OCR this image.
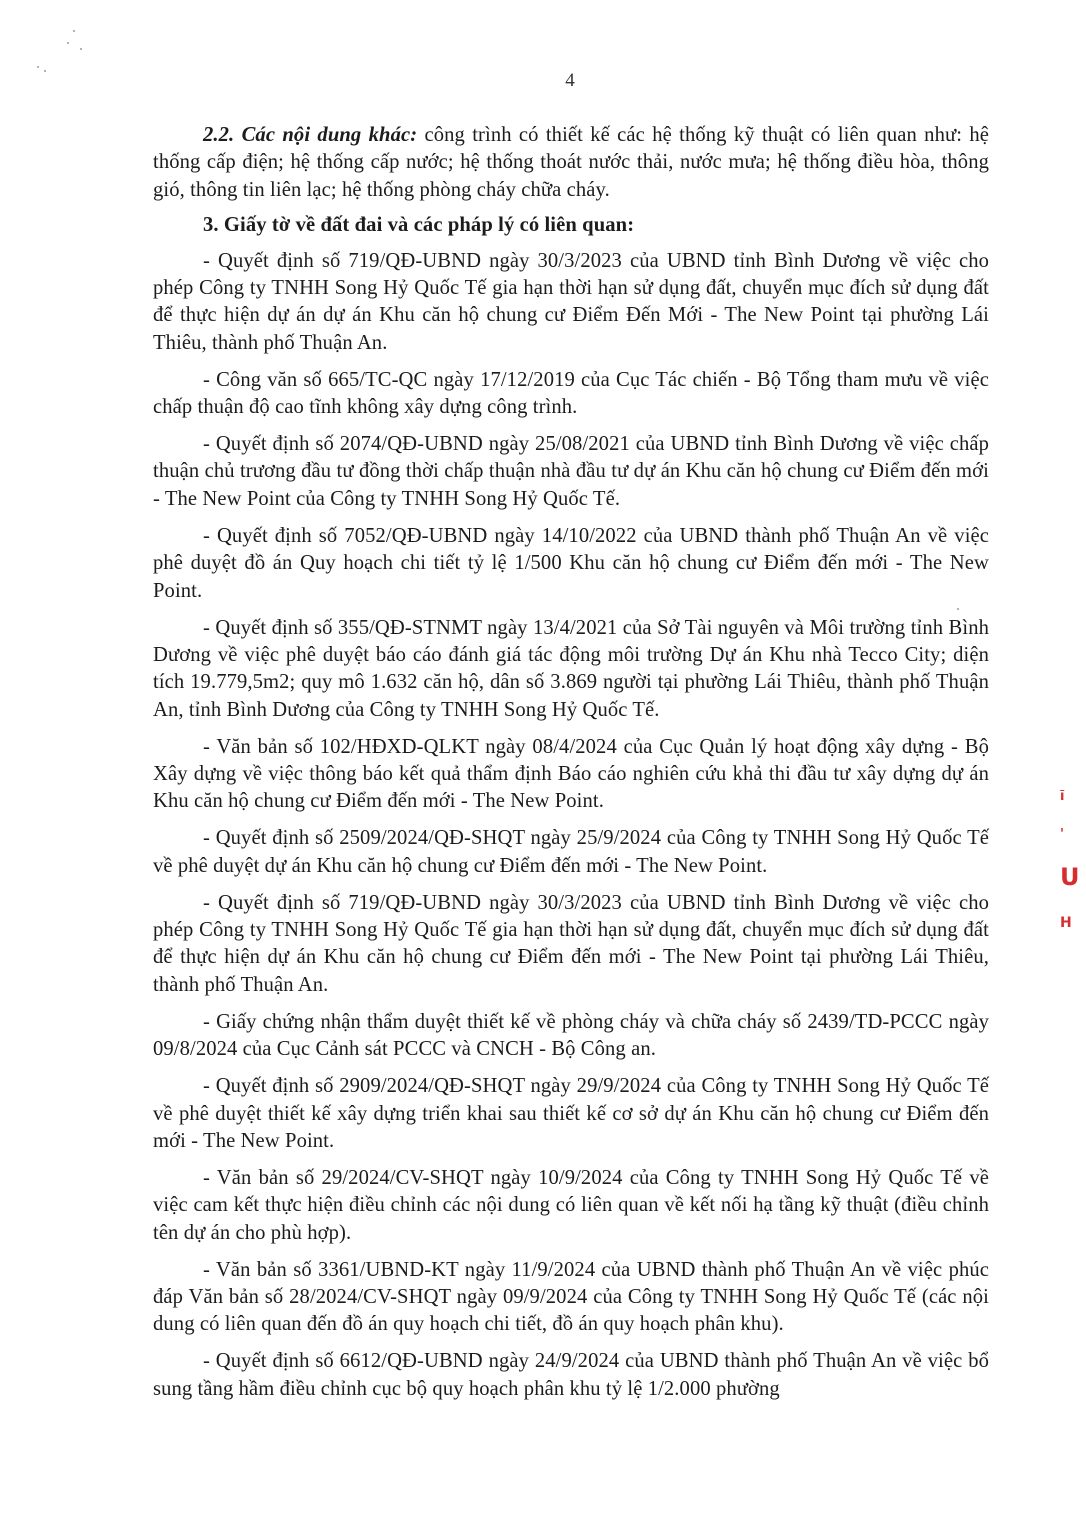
4

2.2. Các nội dung khác: công trình có thiết kế các hệ thống kỹ thuật có liên quan như: hệ thống cấp điện; hệ thống cấp nước; hệ thống thoát nước thải, nước mưa; hệ thống điều hòa, thông gió, thông tin liên lạc; hệ thống phòng cháy chữa cháy.

3. Giấy tờ về đất đai và các pháp lý có liên quan:

- Quyết định số 719/QĐ-UBND ngày 30/3/2023 của UBND tỉnh Bình Dương về việc cho phép Công ty TNHH Song Hỷ Quốc Tế gia hạn thời hạn sử dụng đất, chuyển mục đích sử dụng đất để thực hiện dự án dự án Khu căn hộ chung cư Điểm Đến Mới - The New Point tại phường Lái Thiêu, thành phố Thuận An.

- Công văn số 665/TC-QC ngày 17/12/2019 của Cục Tác chiến - Bộ Tổng tham mưu về việc chấp thuận độ cao tĩnh không xây dựng công trình.

- Quyết định số 2074/QĐ-UBND ngày 25/08/2021 của UBND tỉnh Bình Dương về việc chấp thuận chủ trương đầu tư đồng thời chấp thuận nhà đầu tư dự án Khu căn hộ chung cư Điểm đến mới - The New Point của Công ty TNHH Song Hỷ Quốc Tế.

- Quyết định số 7052/QĐ-UBND ngày 14/10/2022 của UBND thành phố Thuận An về việc phê duyệt đồ án Quy hoạch chi tiết tỷ lệ 1/500 Khu căn hộ chung cư Điểm đến mới - The New Point.

- Quyết định số 355/QĐ-STNMT ngày 13/4/2021 của Sở Tài nguyên và Môi trường tỉnh Bình Dương về việc phê duyệt báo cáo đánh giá tác động môi trường Dự án Khu nhà Tecco City; diện tích 19.779,5m2; quy mô 1.632 căn hộ, dân số 3.869 người tại phường Lái Thiêu, thành phố Thuận An, tỉnh Bình Dương của Công ty TNHH Song Hỷ Quốc Tế.

- Văn bản số 102/HĐXD-QLKT ngày 08/4/2024 của Cục Quản lý hoạt động xây dựng - Bộ Xây dựng về việc thông báo kết quả thẩm định Báo cáo nghiên cứu khả thi đầu tư xây dựng dự án Khu căn hộ chung cư Điểm đến mới - The New Point.

- Quyết định số 2509/2024/QĐ-SHQT ngày 25/9/2024 của Công ty TNHH Song Hỷ Quốc Tế về phê duyệt dự án Khu căn hộ chung cư Điểm đến mới - The New Point.

- Quyết định số 719/QĐ-UBND ngày 30/3/2023 của UBND tỉnh Bình Dương về việc cho phép Công ty TNHH Song Hỷ Quốc Tế gia hạn thời hạn sử dụng đất, chuyển mục đích sử dụng đất để thực hiện dự án Khu căn hộ chung cư Điểm đến mới - The New Point tại phường Lái Thiêu, thành phố Thuận An.

- Giấy chứng nhận thẩm duyệt thiết kế về phòng cháy và chữa cháy số 2439/TD-PCCC ngày 09/8/2024 của Cục Cảnh sát PCCC và CNCH - Bộ Công an.

- Quyết định số 2909/2024/QĐ-SHQT ngày 29/9/2024 của Công ty TNHH Song Hỷ Quốc Tế về phê duyệt thiết kế xây dựng triển khai sau thiết kế cơ sở dự án Khu căn hộ chung cư Điểm đến mới - The New Point.

- Văn bản số 29/2024/CV-SHQT ngày 10/9/2024 của Công ty TNHH Song Hỷ Quốc Tế về việc cam kết thực hiện điều chỉnh các nội dung có liên quan về kết nối hạ tầng kỹ thuật (điều chỉnh tên dự án cho phù hợp).

- Văn bản số 3361/UBND-KT ngày 11/9/2024 của UBND thành phố Thuận An về việc phúc đáp Văn bản số 28/2024/CV-SHQT ngày 09/9/2024 của Công ty TNHH Song Hỷ Quốc Tế (các nội dung có liên quan đến đồ án quy hoạch chi tiết, đồ án quy hoạch phân khu).

- Quyết định số 6612/QĐ-UBND ngày 24/9/2024 của UBND thành phố Thuận An về việc bổ sung tầng hầm điều chỉnh cục bộ quy hoạch phân khu tỷ lệ 1/2.000 phường

ĩ
'
U
H
